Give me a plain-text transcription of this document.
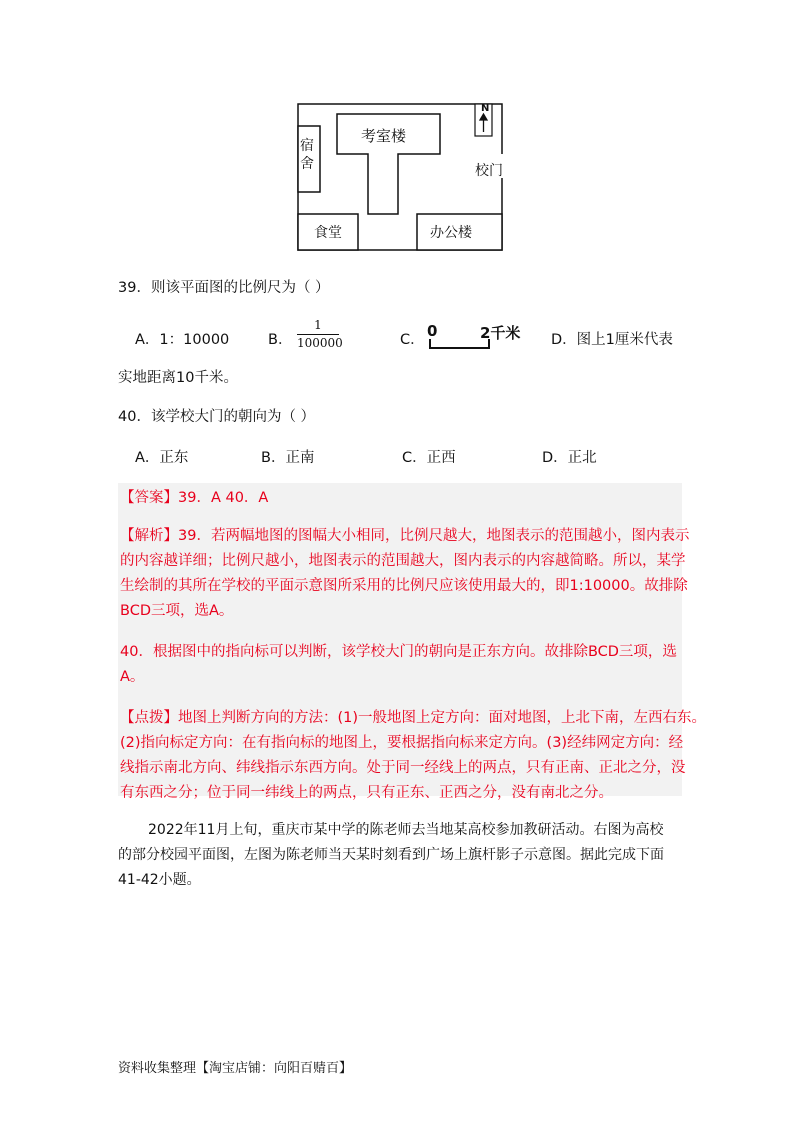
N
考室楼
宿
舍	校门
食堂	办公楼
39．则该平面图的比例尺为（ ）
A．1：10000	B．
1
100000	C． 0	2千米 D．图上1厘米代表
实地距离10千米。
40．该学校大门的朝向为（ ）
A．正东	B．正南	C．正西	D．正北
【答案】39．A 40．A
【解析】39．若两幅地图的图幅大小相同，比例尺越大，地图表示的范围越小，图内表示
的内容越详细；比例尺越小，地图表示的范围越大，图内表示的内容越简略。所以，某学
生绘制的其所在学校的平面示意图所采用的比例尺应该使用最大的，即1:10000。故排除
BCD三项，选A。
40．根据图中的指向标可以判断，该学校大门的朝向是正东方向。故排除BCD三项，选
A。
【点拨】地图上判断方向的方法：(1)一般地图上定方向：面对地图，上北下南，左西右东。
(2)指向标定方向：在有指向标的地图上，要根据指向标来定方向。(3)经纬网定方向：经
线指示南北方向、纬线指示东西方向。处于同一经线上的两点，只有正南、正北之分，没
有东西之分；位于同一纬线上的两点，只有正东、正西之分，没有南北之分。
2022年11月上旬，重庆市某中学的陈老师去当地某高校参加教研活动。右图为高校
的部分校园平面图，左图为陈老师当天某时刻看到广场上旗杆影子示意图。据此完成下面
41-42小题。
资料收集整理【淘宝店铺：向阳百䞍百】
